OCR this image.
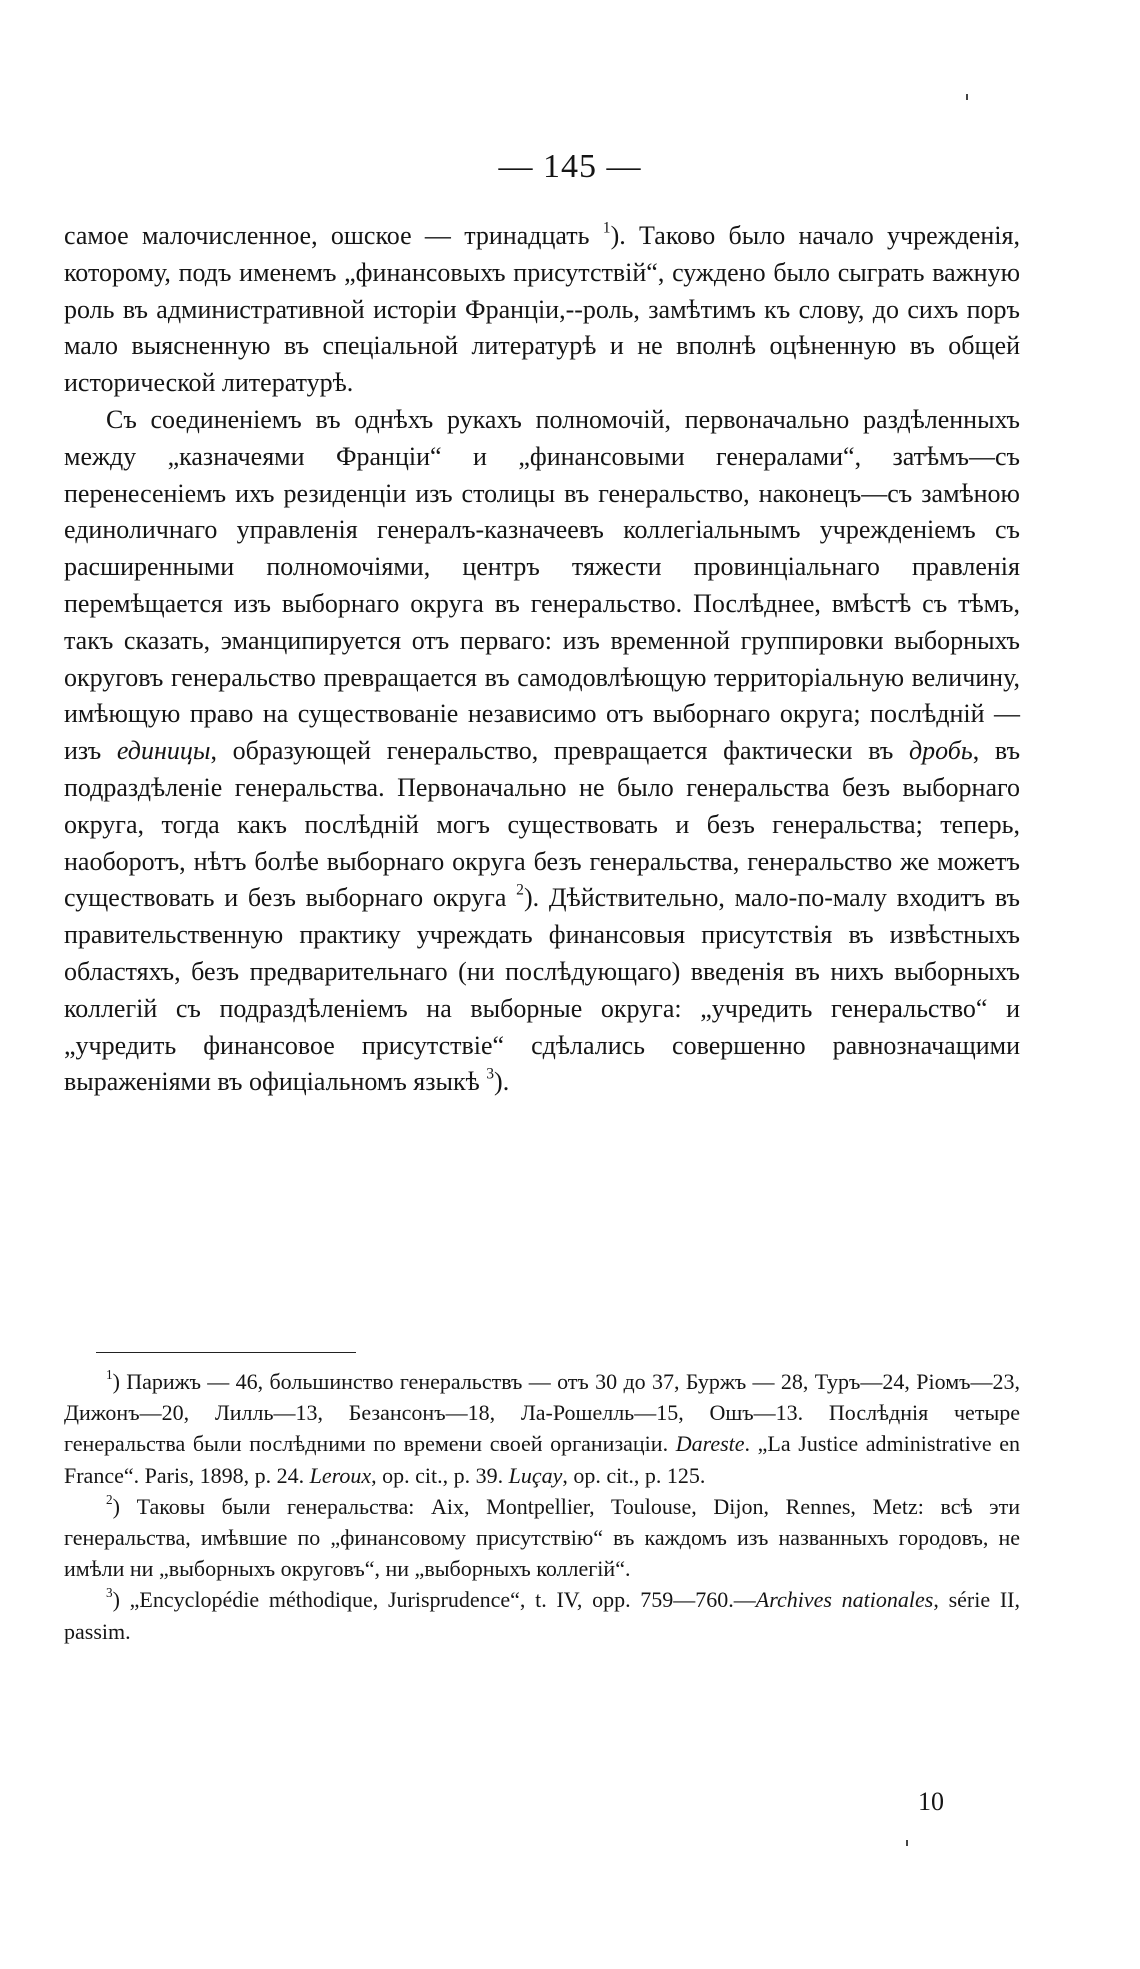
— 145 —

самое малочисленное, ошское — тринадцать $^1$). Таково было начало учрежденія, которому, подъ именемъ „финансовыхъ присутствій“, суждено было сыграть важную роль въ административной исторіи Франціи,--роль, замѣтимъ къ слову, до сихъ поръ мало выясненную въ спеціальной литературѣ и не вполнѣ оцѣненную въ общей исторической литературѣ.

Съ соединеніемъ въ однѣхъ рукахъ полномочій, первоначально раздѣленныхъ между „казначеями Франціи“ и „финансовыми генералами“, затѣмъ—съ перенесеніемъ ихъ резиденціи изъ столицы въ генеральство, наконецъ—съ замѣною единоличнаго управленія генералъ-казначеевъ коллегіальнымъ учрежденіемъ съ расширенными полномочіями, центръ тяжести провинціальнаго правленія перемѣщается изъ выборнаго округа въ генеральство. Послѣднее, вмѣстѣ съ тѣмъ, такъ сказать, эманципируется отъ перваго: изъ временной группировки выборныхъ округовъ генеральство превращается въ самодовлѣющую территоріальную величину, имѣющую право на существованіе независимо отъ выборнаго округа; послѣдній — изъ единицы, образующей генеральство, превращается фактически въ дробь, въ подраздѣленіе генеральства. Первоначально не было генеральства безъ выборнаго округа, тогда какъ послѣдній могъ существовать и безъ генеральства; теперь, наоборотъ, нѣтъ болѣе выборнаго округа безъ генеральства, генеральство же можетъ существовать и безъ выборнаго округа $^2$). Дѣйствительно, мало-по-малу входитъ въ правительственную практику учреждать финансовыя присутствія въ извѣстныхъ областяхъ, безъ предварительнаго (ни послѣдующаго) введенія въ нихъ выборныхъ коллегій съ подраздѣленіемъ на выборные округа: „учредить генеральство“ и „учредить финансовое присутствіе“ сдѣлались совершенно равнозначащими выраженіями въ офиціальномъ языкѣ $^3$).

$^1$) Парижъ — 46, большинство генеральствъ — отъ 30 до 37, Буржъ — 28, Туръ—24, Ріомъ—23, Дижонъ—20, Лилль—13, Безансонъ—18, Ла-Рошелль—15, Ошъ—13. Послѣднія четыре генеральства были послѣдними по времени своей организаціи. Dareste. „La Justice administrative en France“. Paris, 1898, p. 24. Leroux, op. cit., p. 39. Luçay, op. cit., p. 125.

$^2$) Таковы были генеральства: Aix, Montpellier, Toulouse, Dijon, Rennes, Metz: всѣ эти генеральства, имѣвшие по „финансовому присутствію“ въ каждомъ изъ названныхъ городовъ, не имѣли ни „выборныхъ округовъ“, ни „выборныхъ коллегій“.

$^3$) „Encyclopédie méthodique, Jurisprudence“, t. IV, opp. 759—760.—Archives nationales, série II, passim.

10
